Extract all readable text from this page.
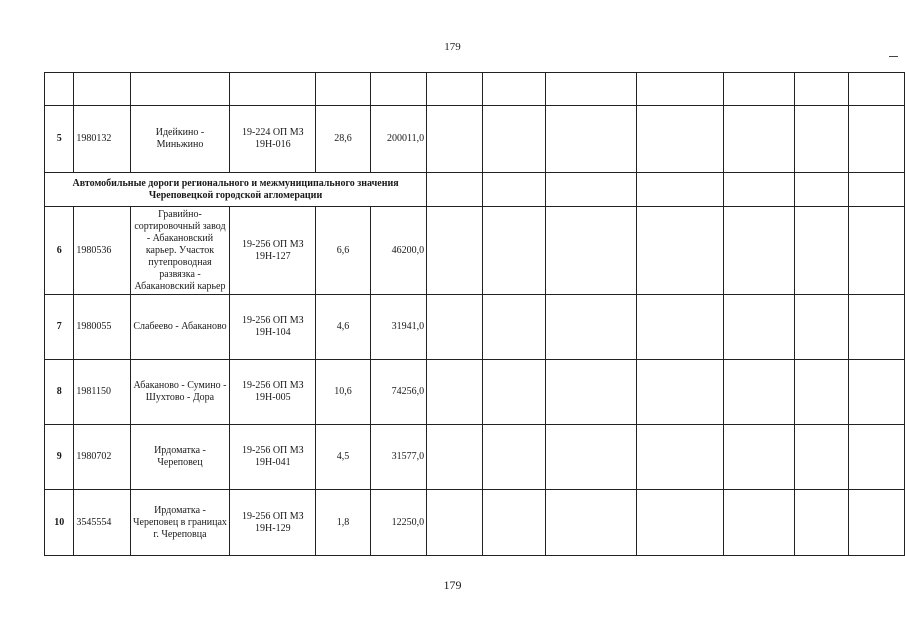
179

5	1980132	Идейкино - Миньжино	19-224 ОП МЗ 19Н-016	28,6	200011,0							
Автомобильные дороги регионального и межмуниципального значения Череповецкой городской агломерации												
6	1980536	Гравийно-сортировочный завод - Абакановский карьер. Участок путепроводная развязка - Абакановский карьер	19-256 ОП МЗ 19Н-127	6,6	46200,0							
7	1980055	Слабеево - Абаканово	19-256 ОП МЗ 19Н-104	4,6	31941,0							
8	1981150	Абаканово - Сумино - Шухтово - Дора	19-256 ОП МЗ 19Н-005	10,6	74256,0							
9	1980702	Ирдоматка - Череповец	19-256 ОП МЗ 19Н-041	4,5	31577,0							
10	3545554	Ирдоматка - Череповец в границах г. Череповца	19-256 ОП МЗ 19Н-129	1,8	12250,0							
179
